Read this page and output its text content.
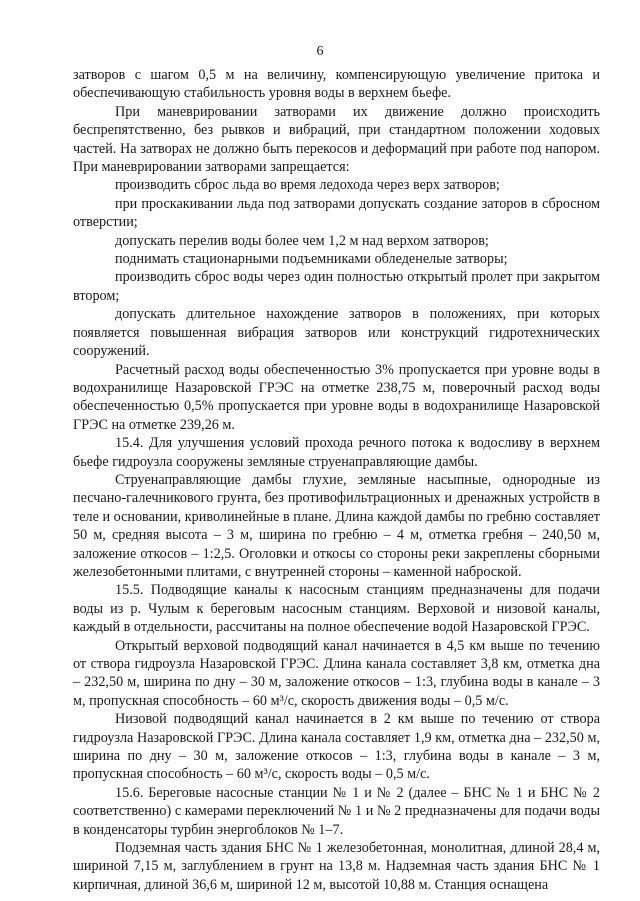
6

затворов с шагом 0,5 м на величину, компенсирующую увеличение притока и обеспечивающую стабильность уровня воды в верхнем бьефе.

При маневрировании затворами их движение должно происходить беспрепятственно, без рывков и вибраций, при стандартном положении ходовых частей. На затворах не должно быть перекосов и деформаций при работе под напором. При маневрировании затворами запрещается:

производить сброс льда во время ледохода через верх затворов;

при проскакивании льда под затворами допускать создание заторов в сбросном отверстии;

допускать перелив воды более чем 1,2 м над верхом затворов;

поднимать стационарными подъемниками обледенелые затворы;

производить сброс воды через один полностью открытый пролет при закрытом втором;

допускать длительное нахождение затворов в положениях, при которых появляется повышенная вибрация затворов или конструкций гидротехнических сооружений.

Расчетный расход воды обеспеченностью 3% пропускается при уровне воды в водохранилище Назаровской ГРЭС на отметке 238,75 м, поверочный расход воды обеспеченностью 0,5% пропускается при уровне воды в водохранилище Назаровской ГРЭС на отметке 239,26 м.

15.4. Для улучшения условий прохода речного потока к водосливу в верхнем бьефе гидроузла сооружены земляные струенаправляющие дамбы.

Струенаправляющие дамбы глухие, земляные насыпные, однородные из песчано-галечникового грунта, без противофильтрационных и дренажных устройств в теле и основании, криволинейные в плане. Длина каждой дамбы по гребню составляет 50 м, средняя высота – 3 м, ширина по гребню – 4 м, отметка гребня – 240,50 м, заложение откосов – 1:2,5. Оголовки и откосы со стороны реки закреплены сборными железобетонными плитами, с внутренней стороны – каменной наброской.

15.5. Подводящие каналы к насосным станциям предназначены для подачи воды из р. Чулым к береговым насосным станциям. Верховой и низовой каналы, каждый в отдельности, рассчитаны на полное обеспечение водой Назаровской ГРЭС.

Открытый верховой подводящий канал начинается в 4,5 км выше по течению от створа гидроузла Назаровской ГРЭС. Длина канала составляет 3,8 км, отметка дна – 232,50 м, ширина по дну – 30 м, заложение откосов – 1:3, глубина воды в канале – 3 м, пропускная способность – 60 м³/с, скорость движения воды – 0,5 м/с.

Низовой подводящий канал начинается в 2 км выше по течению от створа гидроузла Назаровской ГРЭС. Длина канала составляет 1,9 км, отметка дна – 232,50 м, ширина по дну – 30 м, заложение откосов – 1:3, глубина воды в канале – 3 м, пропускная способность – 60 м³/с, скорость воды – 0,5 м/с.

15.6. Береговые насосные станции № 1 и № 2 (далее – БНС № 1 и БНС № 2 соответственно) с камерами переключений № 1 и № 2 предназначены для подачи воды в конденсаторы турбин энергоблоков № 1–7.

Подземная часть здания БНС № 1 железобетонная, монолитная, длиной 28,4 м, шириной 7,15 м, заглублением в грунт на 13,8 м. Надземная часть здания БНС № 1 кирпичная, длиной 36,6 м, шириной 12 м, высотой 10,88 м. Станция оснащена
